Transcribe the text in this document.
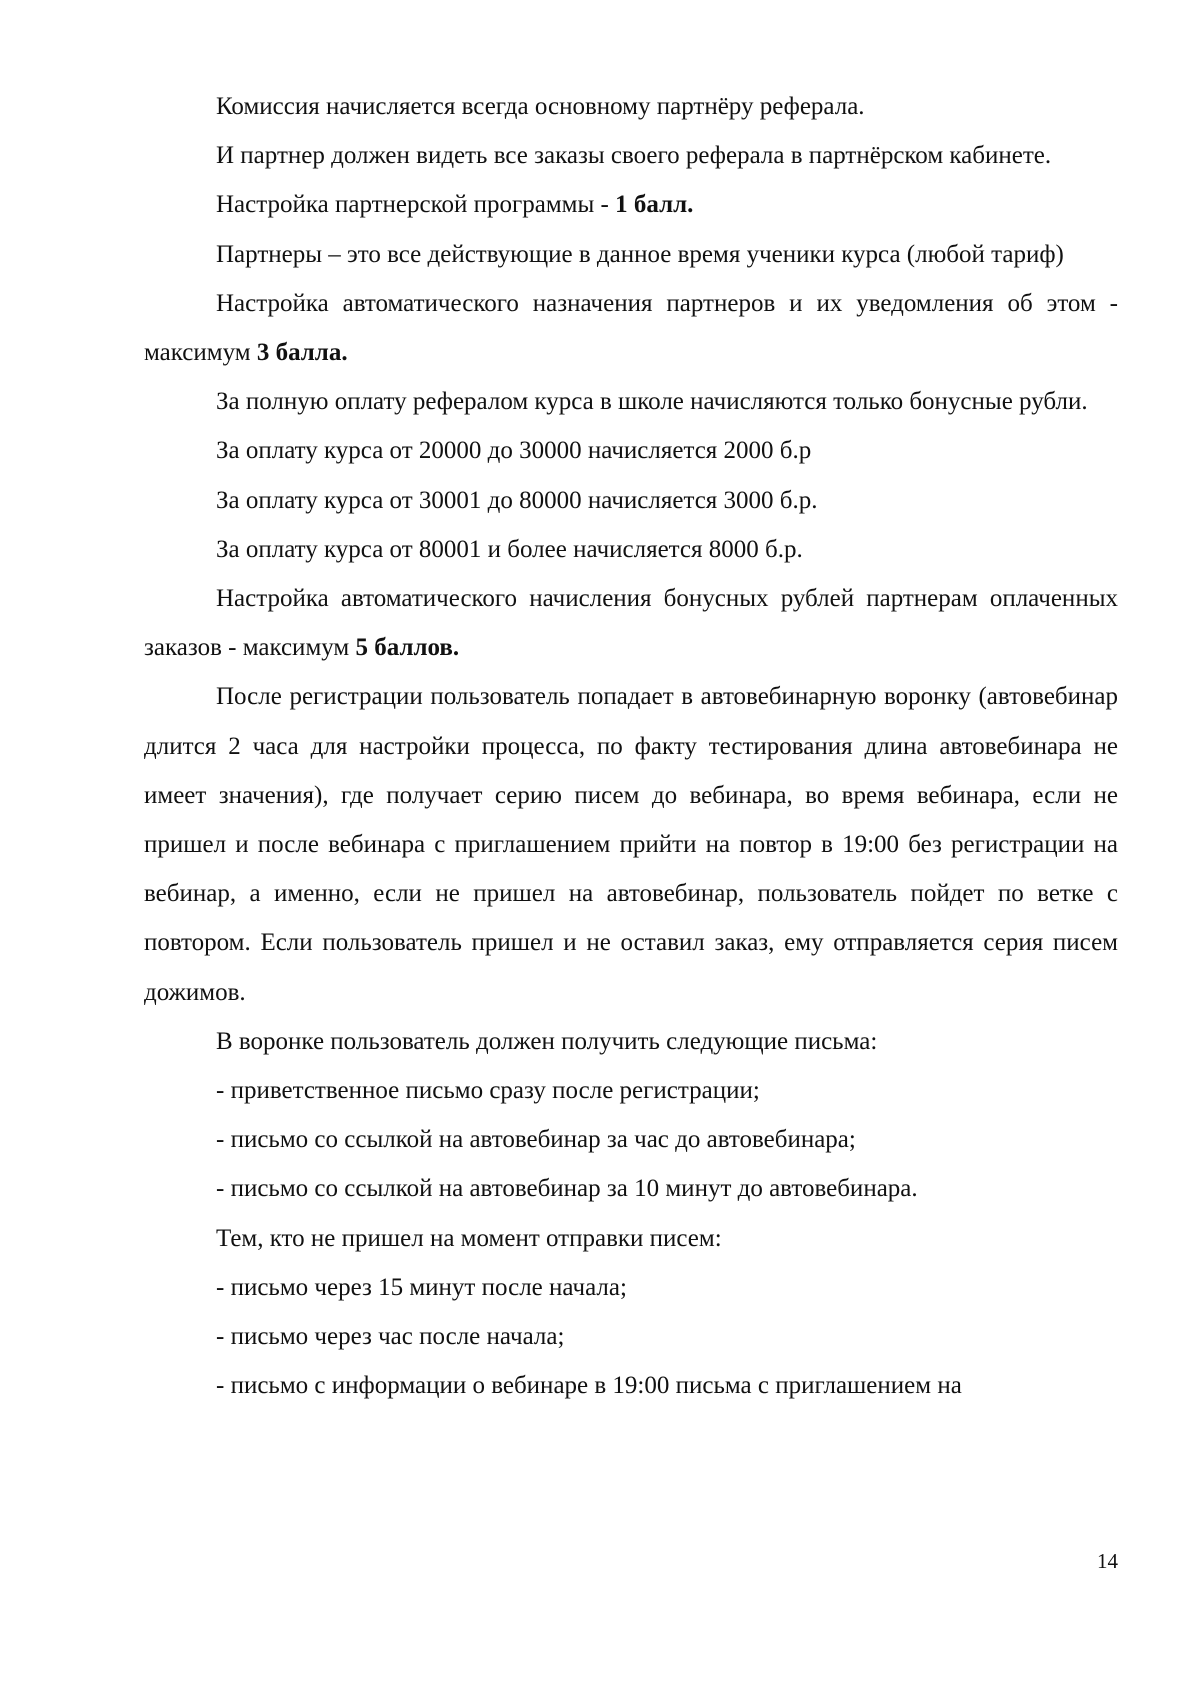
Комиссия начисляется всегда основному партнёру реферала.

И партнер должен видеть все заказы своего реферала в партнёрском кабинете.

Настройка партнерской программы - 1 балл.

Партнеры – это все действующие в данное время ученики курса (любой тариф)

Настройка автоматического назначения партнеров и их уведомления об этом - максимум 3 балла.

За полную оплату рефералом курса в школе начисляются только бонусные рубли.

За оплату курса от 20000 до 30000 начисляется 2000 б.р

За оплату курса от 30001 до 80000 начисляется 3000 б.р.

За оплату курса от 80001 и более начисляется 8000 б.р.

Настройка автоматического начисления бонусных рублей партнерам оплаченных заказов - максимум 5 баллов.

После регистрации пользователь попадает в автовебинарную воронку (автовебинар длится 2 часа для настройки процесса, по факту тестирования длина автовебинара не имеет значения), где получает серию писем до вебинара, во время вебинара, если не пришел и после вебинара с приглашением прийти на повтор в 19:00 без регистрации на вебинар, а именно, если не пришел на автовебинар, пользователь пойдет по ветке с повтором. Если пользователь пришел и не оставил заказ, ему отправляется серия писем дожимов.

В воронке пользователь должен получить следующие письма:

- приветственное письмо сразу после регистрации;

- письмо со ссылкой на автовебинар за час до автовебинара;

- письмо со ссылкой на автовебинар за 10 минут до автовебинара.

Тем, кто не пришел на момент отправки писем:

- письмо через 15 минут после начала;

- письмо через час после начала;

- письмо с информации о вебинаре в 19:00 письма с приглашением на

14
